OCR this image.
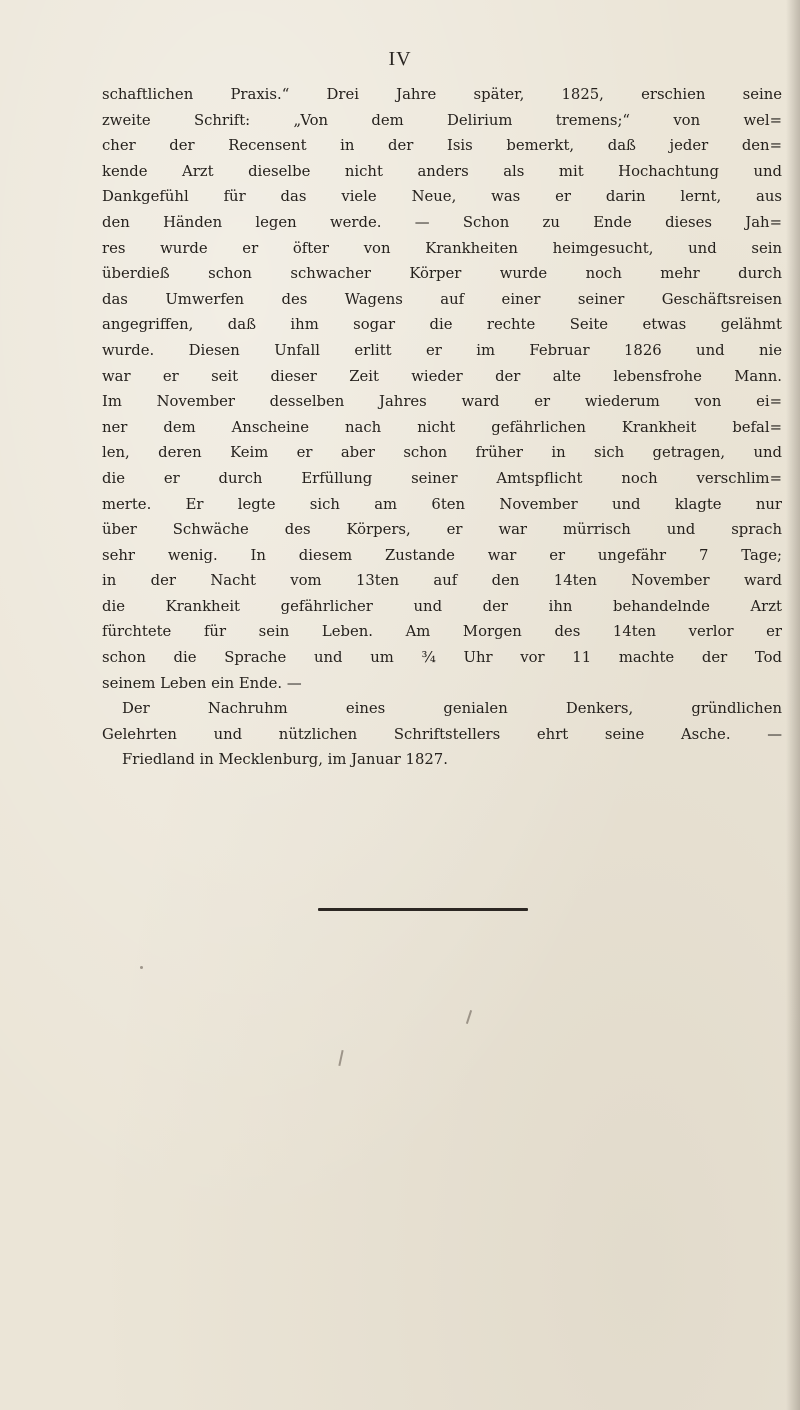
IV
schaftlichen Praxis.“ Drei Jahre später, 1825, erschien seine
zweite Schrift: „Von dem Delirium tremens;“ von wel=
cher der Recensent in der Isis bemerkt, daß jeder den=
kende Arzt dieselbe nicht anders als mit Hochachtung und
Dankgefühl für das viele Neue, was er darin lernt, aus
den Händen legen werde. — Schon zu Ende dieses Jah=
res wurde er öfter von Krankheiten heimgesucht, und sein
überdieß schon schwacher Körper wurde noch mehr durch
das Umwerfen des Wagens auf einer seiner Geschäftsreisen
angegriffen, daß ihm sogar die rechte Seite etwas gelähmt
wurde. Diesen Unfall erlitt er im Februar 1826 und nie
war er seit dieser Zeit wieder der alte lebensfrohe Mann.
Im November desselben Jahres ward er wiederum von ei=
ner dem Anscheine nach nicht gefährlichen Krankheit befal=
len, deren Keim er aber schon früher in sich getragen, und
die er durch Erfüllung seiner Amtspflicht noch verschlim=
merte. Er legte sich am 6ten November und klagte nur
über Schwäche des Körpers, er war mürrisch und sprach
sehr wenig. In diesem Zustande war er ungefähr 7 Tage;
in der Nacht vom 13ten auf den 14ten November ward
die Krankheit gefährlicher und der ihn behandelnde Arzt
fürchtete für sein Leben. Am Morgen des 14ten verlor er
schon die Sprache und um ¾ Uhr vor 11 machte der Tod
seinem Leben ein Ende. —
Der Nachruhm eines genialen Denkers, gründlichen
Gelehrten und nützlichen Schriftstellers ehrt seine Asche. —
Friedland in Mecklenburg, im Januar 1827.
